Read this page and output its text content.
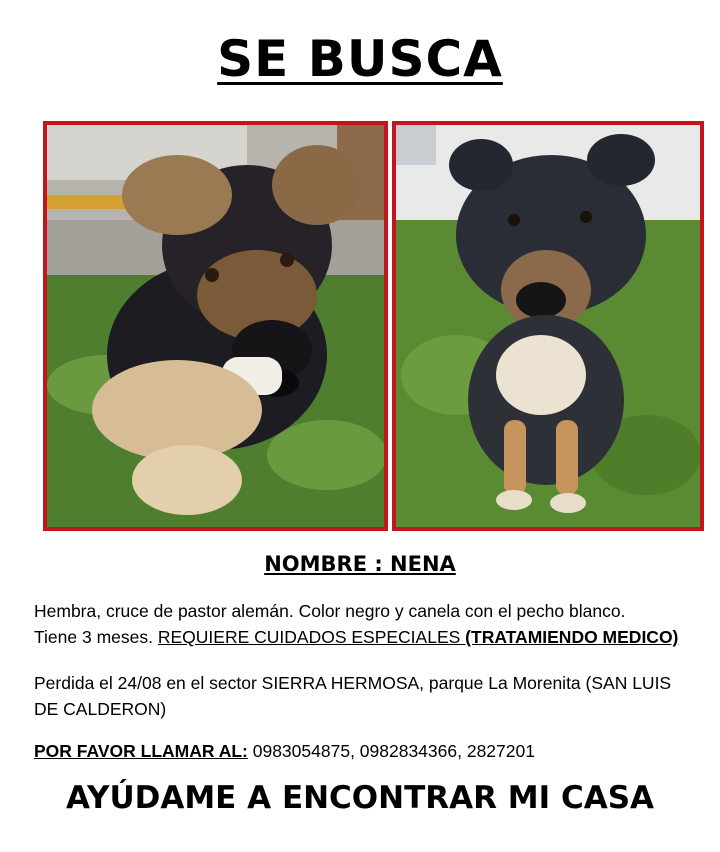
SE BUSCA
NOMBRE : NENA
Hembra, cruce de pastor alemán. Color negro y canela con el pecho blanco.
Tiene 3 meses. REQUIERE CUIDADOS ESPECIALES (TRATAMIENDO MEDICO)
Perdida el 24/08 en el sector SIERRA HERMOSA, parque La Morenita (SAN LUIS DE CALDERON)
POR FAVOR LLAMAR AL: 0983054875, 0982834366, 2827201
AYÚDAME A ENCONTRAR MI CASA
